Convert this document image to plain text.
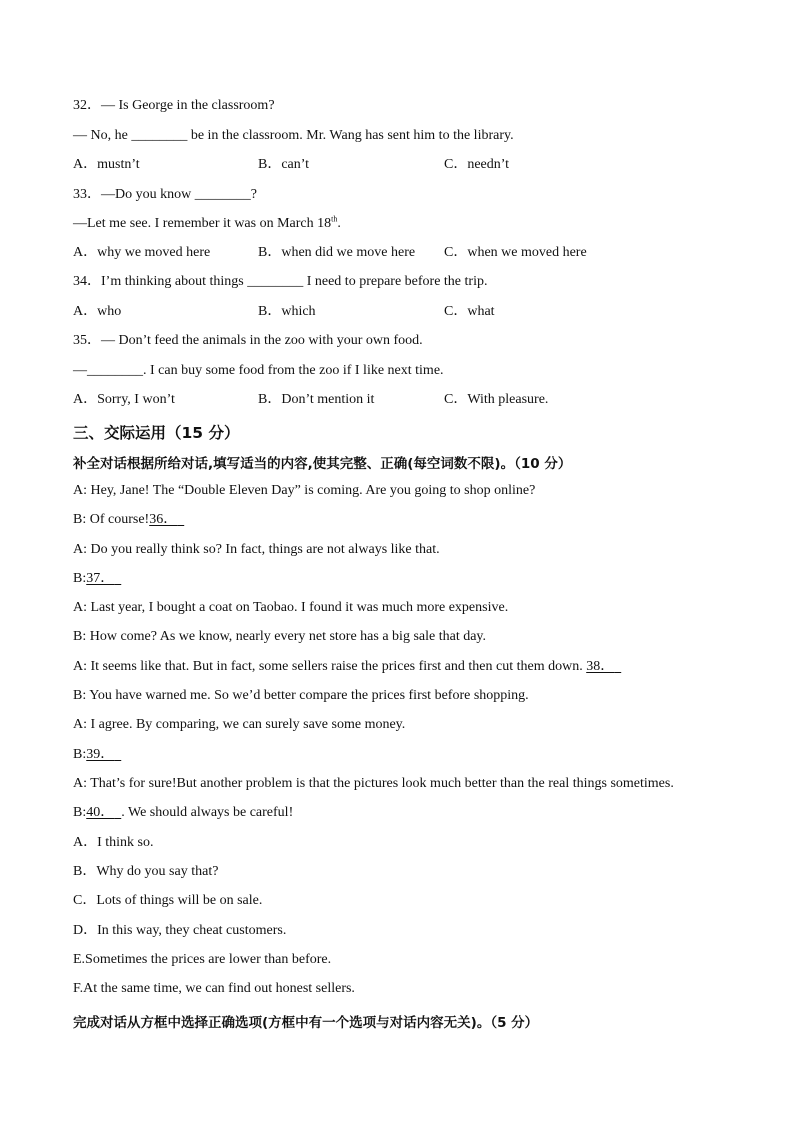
32．— Is George in the classroom?
— No, he ________ be in the classroom. Mr. Wang has sent him to the library.
A．mustn’t	B．can’t	C．needn’t
33．—Do you know ________?
—Let me see. I remember it was on March 18th.
A．why we moved here	B．when did we move here C．when we moved here
34．I’m thinking about things ________ I need to prepare before the trip.
A．who	B．which	C．what
35．— Don’t feed the animals in the zoo with your own food.
—________. I can buy some food from the zoo if I like next time.
A．Sorry, I won’t	B．Don’t mention it	C．With pleasure.
三、交际运用（15 分）
补全对话根据所给对话,填写适当的内容,使其完整、正确(每空词数不限)。（10 分）
A: Hey, Jane! The “Double Eleven Day” is coming. Are you going to shop online?
B: Of course!36．
A: Do you really think so? In fact, things are not always like that.
B:37．
A: Last year, I bought a coat on Taobao. I found it was much more expensive.
B: How come? As we know, nearly every net store has a big sale that day.
A: It seems like that. But in fact, some sellers raise the prices first and then cut them down. 38．
B: You have warned me. So we’d better compare the prices first before shopping.
A: I agree. By comparing, we can surely save some money.
B:39．
A: That’s for sure!But another problem is that the pictures look much better than the real things sometimes.
B:40． . We should always be careful!
A．I think so.
B．Why do you say that?
C．Lots of things will be on sale.
D．In this way, they cheat customers.
E.Sometimes the prices are lower than before.
F.At the same time, we can find out honest sellers.
完成对话从方框中选择正确选项(方框中有一个选项与对话内容无关)。（5 分）
